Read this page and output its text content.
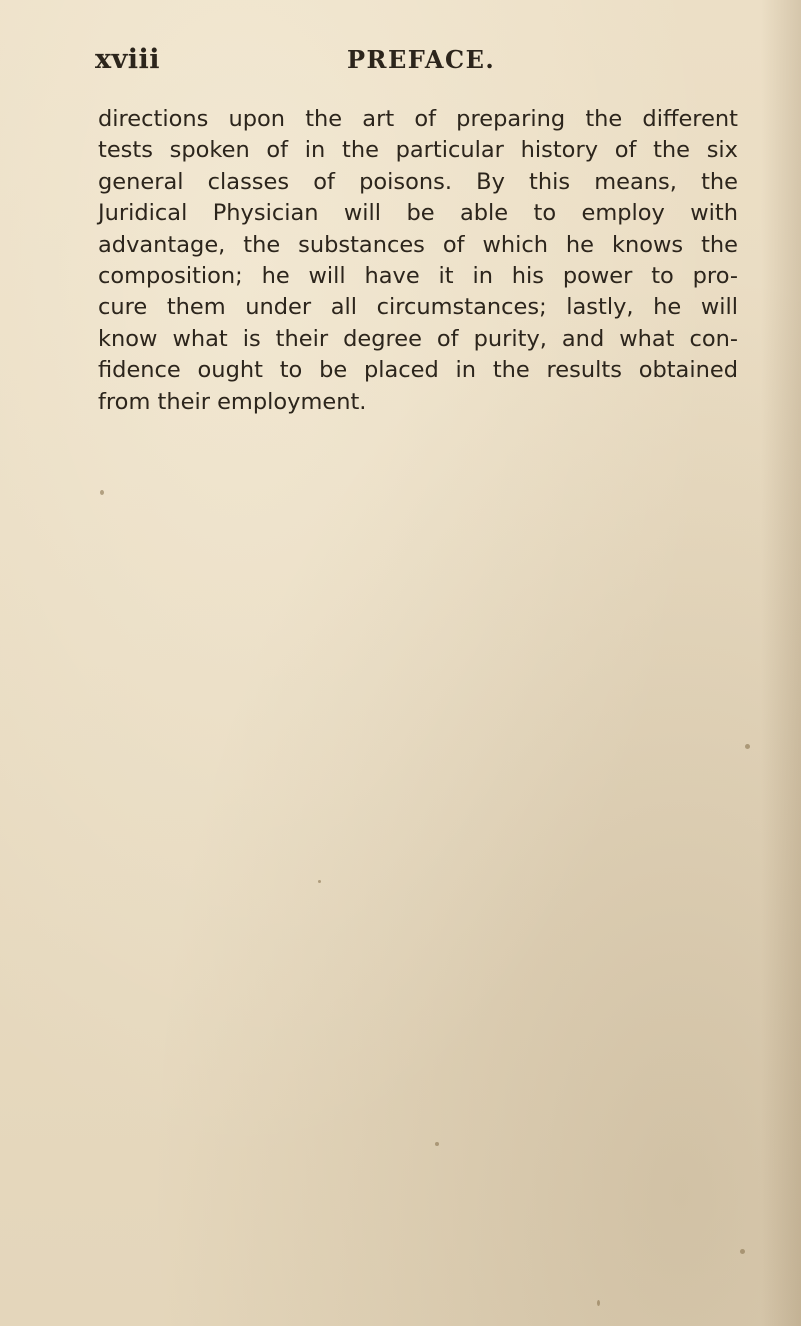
xviii	PREFACE.
directions upon the art of preparing the different
tests spoken of in the particular history of the six
general classes of poisons. By this means, the
Juridical Physician will be able to employ with
advantage, the substances of which he knows the
composition; he will have it in his power to pro-
cure them under all circumstances; lastly, he will
know what is their degree of purity, and what con-
fidence ought to be placed in the results obtained
from their employment.
